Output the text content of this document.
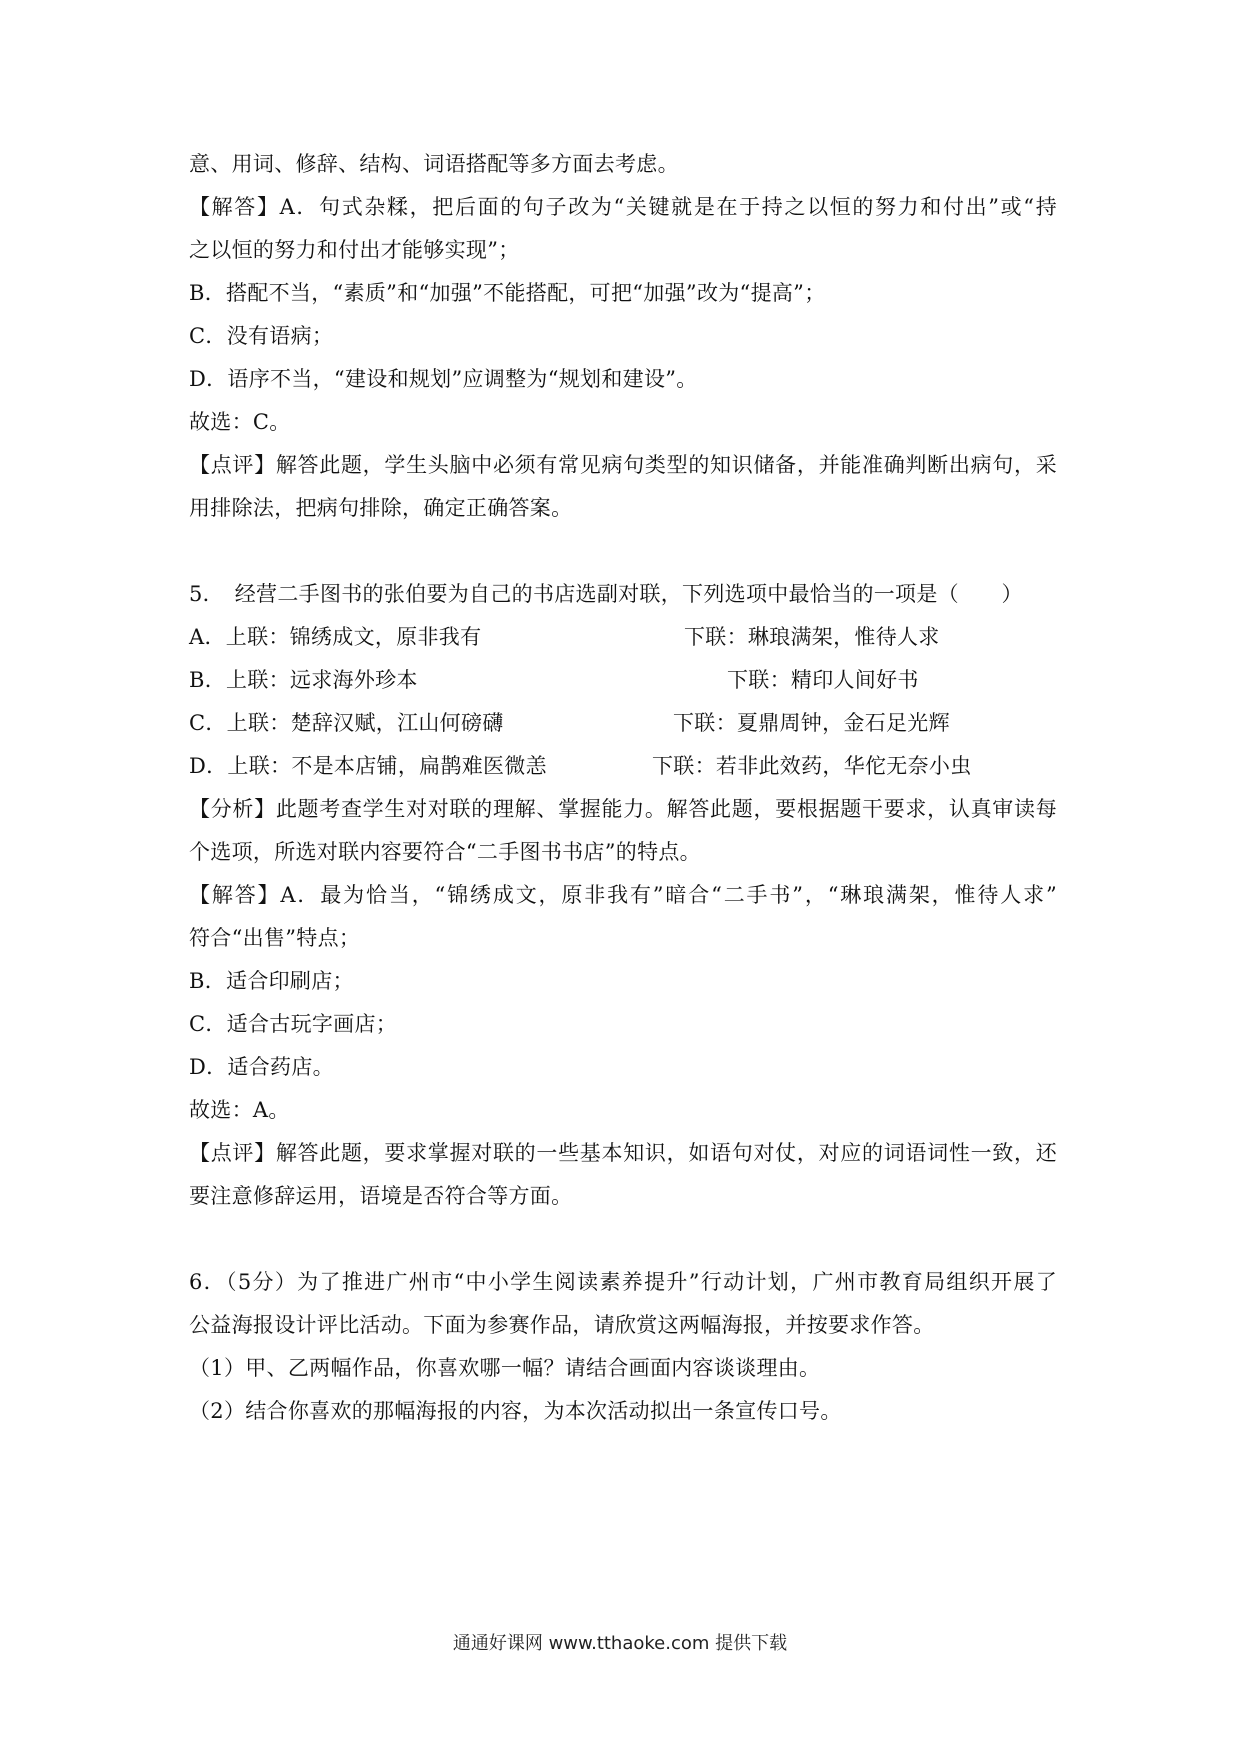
意、用词、修辞、结构、词语搭配等多方面去考虑。
【解答】A．句式杂糅，把后面的句子改为“关键就是在于持之以恒的努力和付出”或“持
之以恒的努力和付出才能够实现”；
B．搭配不当，“素质”和“加强”不能搭配，可把“加强”改为“提高”；
C．没有语病；
D．语序不当，“建设和规划”应调整为“规划和建设”。
故选：C。
【点评】解答此题，学生头脑中必须有常见病句类型的知识储备，并能准确判断出病句，采
用排除法，把病句排除，确定正确答案。
5．　经营二手图书的张伯要为自己的书店选副对联，下列选项中最恰当的一项是（　　）
A．上联：锦绣成文，原非我有	下联：琳琅满架，惟待人求
B．上联：远求海外珍本	下联：精印人间好书
C．上联：楚辞汉赋，江山何磅礴	下联：夏鼎周钟，金石足光辉
D．上联：不是本店铺，扁鹊难医微恙	下联：若非此效药，华佗无奈小虫
【分析】此题考查学生对对联的理解、掌握能力。解答此题，要根据题干要求，认真审读每
个选项，所选对联内容要符合“二手图书书店”的特点。
【解答】A．最为恰当，“锦绣成文，原非我有”暗合“二手书”，“琳琅满架，惟待人求”
符合“出售”特点；
B．适合印刷店；
C．适合古玩字画店；
D．适合药店。
故选：A。
【点评】解答此题，要求掌握对联的一些基本知识，如语句对仗，对应的词语词性一致，还
要注意修辞运用，语境是否符合等方面。
6．（5分）为了推进广州市“中小学生阅读素养提升”行动计划，广州市教育局组织开展了
公益海报设计评比活动。下面为参赛作品，请欣赏这两幅海报，并按要求作答。
（1）甲、乙两幅作品，你喜欢哪一幅？请结合画面内容谈谈理由。
（2）结合你喜欢的那幅海报的内容，为本次活动拟出一条宣传口号。
通通好课网 www.tthaoke.com 提供下载
